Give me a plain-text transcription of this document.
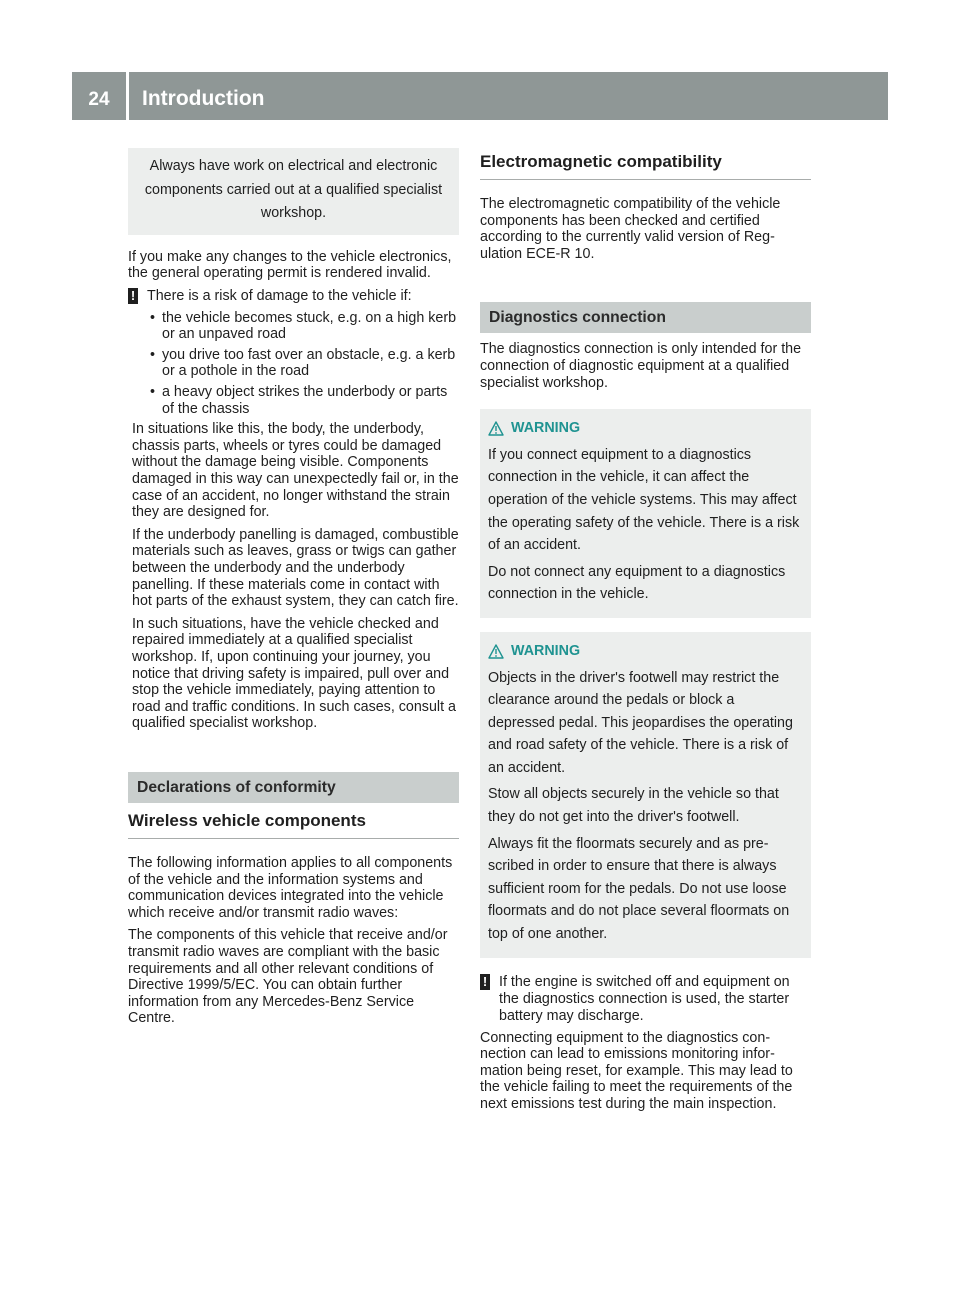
24	Introduction
Always have work on electrical and electronic components carried out at a qualified specialist workshop.

If you make any changes to the vehicle electronics, the general operating permit is rendered invalid.

! There is a risk of damage to the vehicle if:
• the vehicle becomes stuck, e.g. on a high kerb or an unpaved road
• you drive too fast over an obstacle, e.g. a kerb or a pothole in the road
• a heavy object strikes the underbody or parts of the chassis

In situations like this, the body, the underbody, chassis parts, wheels or tyres could be damaged without the damage being visible. Components damaged in this way can unexpectedly fail or, in the case of an accident, no longer withstand the strain they are designed for.

If the underbody panelling is damaged, combustible materials such as leaves, grass or twigs can gather between the underbody and the underbody panelling. If these materials come in contact with hot parts of the exhaust system, they can catch fire.

In such situations, have the vehicle checked and repaired immediately at a qualified specialist workshop. If, upon continuing your journey, you notice that driving safety is impaired, pull over and stop the vehicle immediately, paying attention to road and traffic conditions. In such cases, consult a qualified specialist workshop.

Declarations of conformity
Wireless vehicle components

The following information applies to all components of the vehicle and the information systems and communication devices integrated into the vehicle which receive and/or transmit radio waves:

The components of this vehicle that receive and/or transmit radio waves are compliant with the basic requirements and all other relevant conditions of Directive 1999/5/EC. You can obtain further information from any Mercedes-Benz Service Centre.

Electromagnetic compatibility

The electromagnetic compatibility of the vehicle components has been checked and certified according to the currently valid version of Regulation ECE-R 10.

Diagnostics connection

The diagnostics connection is only intended for the connection of diagnostic equipment at a qualified specialist workshop.

WARNING

If you connect equipment to a diagnostics connection in the vehicle, it can affect the operation of the vehicle systems. This may affect the operating safety of the vehicle. There is a risk of an accident.

Do not connect any equipment to a diagnostics connection in the vehicle.

WARNING

Objects in the driver's footwell may restrict the clearance around the pedals or block a depressed pedal. This jeopardises the operating and road safety of the vehicle. There is a risk of an accident.

Stow all objects securely in the vehicle so that they do not get into the driver's footwell.

Always fit the floormats securely and as prescribed in order to ensure that there is always sufficient room for the pedals. Do not use loose floormats and do not place several floormats on top of one another.

! If the engine is switched off and equipment on the diagnostics connection is used, the starter battery may discharge.

Connecting equipment to the diagnostics connection can lead to emissions monitoring information being reset, for example. This may lead to the vehicle failing to meet the requirements of the next emissions test during the main inspection.
